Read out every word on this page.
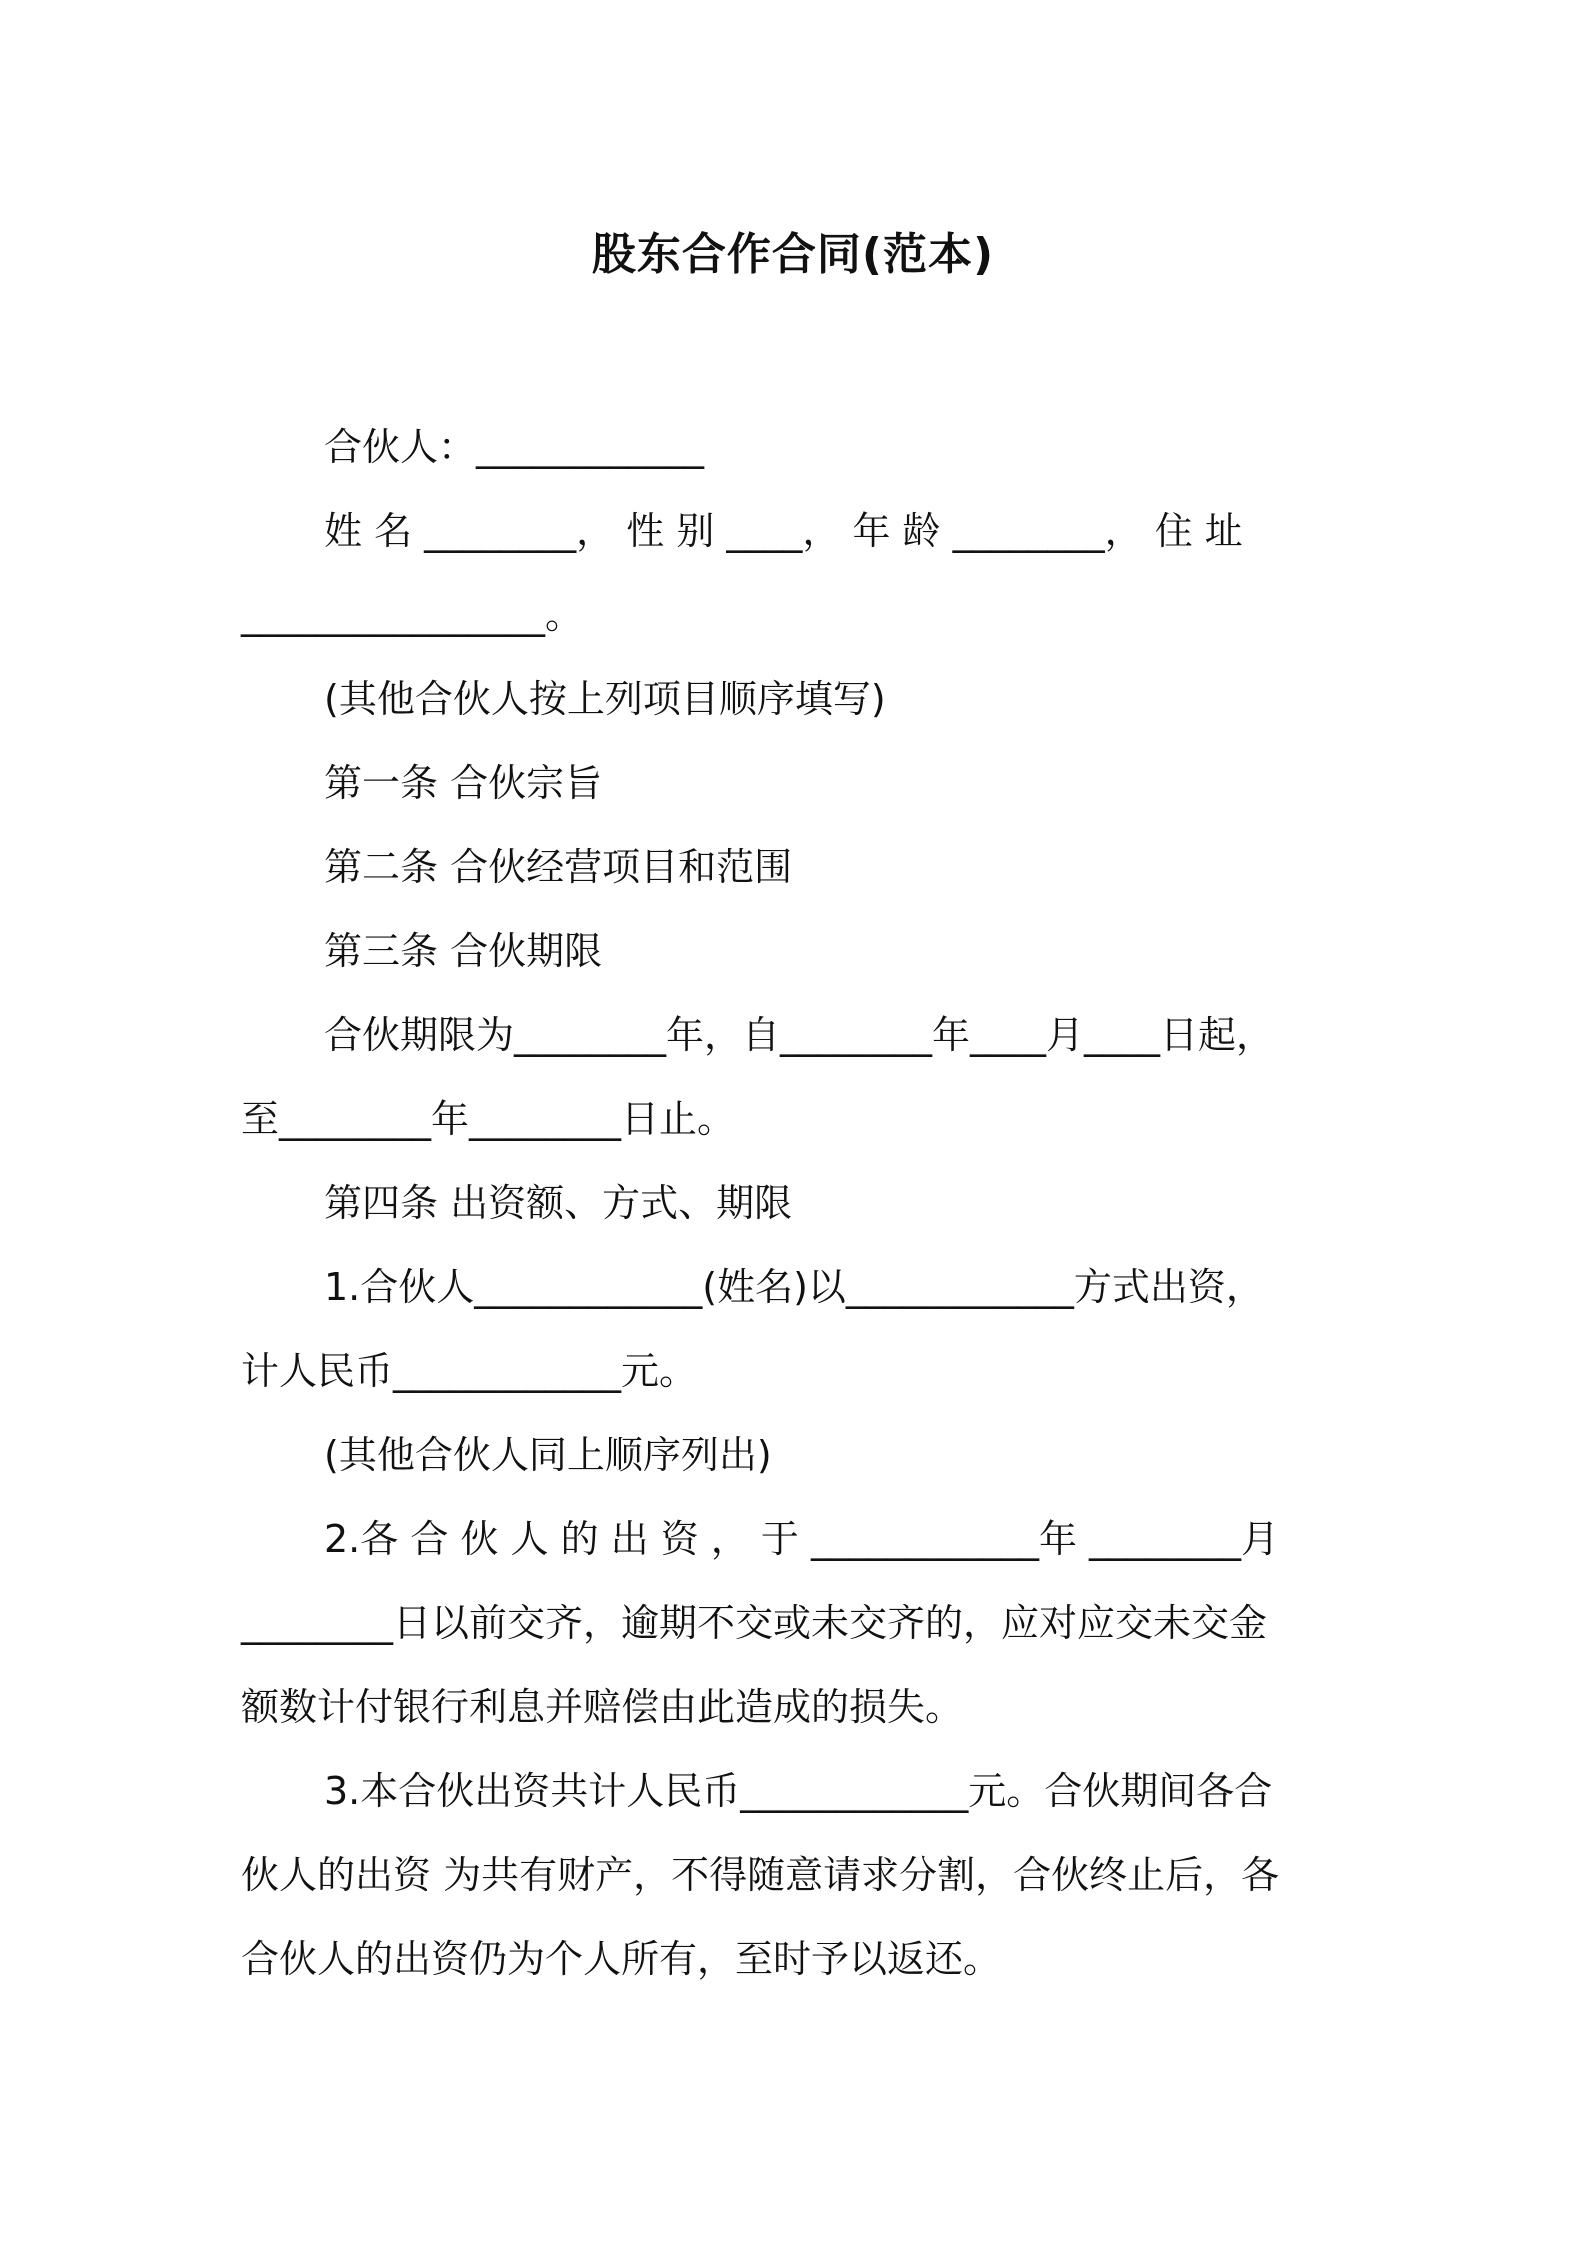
股东合作合同(范本)

合伙人：____________

姓 名 ________， 性 别 ____， 年 龄 ________， 住 址

________________。

(其他合伙人按上列项目顺序填写)

第一条 合伙宗旨

第二条 合伙经营项目和范围

第三条 合伙期限

合伙期限为________年，自________年____月____日起，

至________年________日止。

第四条 出资额、方式、期限

1.合伙人____________(姓名)以____________方式出资，

计人民币____________元。

(其他合伙人同上顺序列出)

2.各 合 伙 人 的 出 资 ， 于 ____________年 ________月

________日以前交齐，逾期不交或未交齐的，应对应交未交金

额数计付银行利息并赔偿由此造成的损失。

3.本合伙出资共计人民币____________元。合伙期间各合

伙人的出资 为共有财产，不得随意请求分割，合伙终止后，各

合伙人的出资仍为个人所有，至时予以返还。
